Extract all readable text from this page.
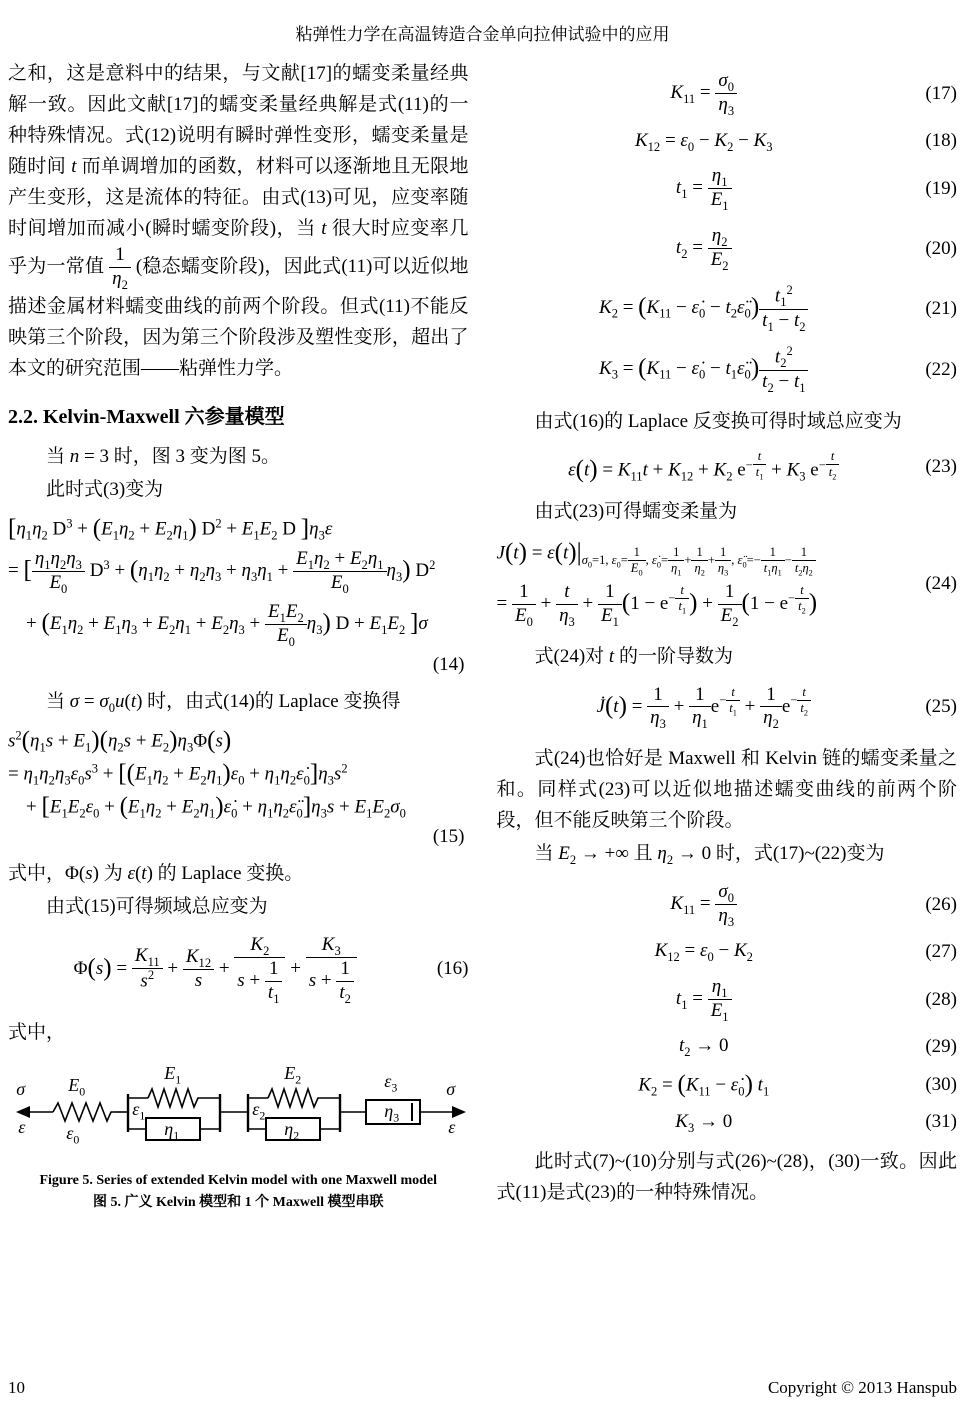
粘弹性力学在高温铸造合金单向拉伸试验中的应用

之和，这是意料中的结果，与文献[17]的蠕变柔量经典解一致。因此文献[17]的蠕变柔量经典解是式(11)的一种特殊情况。式(12)说明有瞬时弹性变形，蠕变柔量是随时间 t 而单调增加的函数，材料可以逐渐地且无限地产生变形，这是流体的特征。由式(13)可见，应变率随时间增加而减小(瞬时蠕变阶段)，当 t 很大时应变率几乎为一常值 $\frac{1}{\eta_2}$ (稳态蠕变阶段)，因此式(11)可以近似地描述金属材料蠕变曲线的前两个阶段。但式(11)不能反映第三个阶段，因为第三个阶段涉及塑性变形，超出了本文的研究范围——粘弹性力学。

2.2. Kelvin-Maxwell 六参量模型

当 n = 3 时，图 3 变为图 5。

此时式(3)变为

[$\eta_1\eta_2$ $D^3 + (E_1\eta_2 + E_2\eta_1) D^2 + E_1E_2$ D ]$\eta_3\varepsilon$
= [ $\frac{\eta_1\eta_2\eta_3}{E_0} D^3 + (\eta_1\eta_2 + \eta_2\eta_3 + \eta_3\eta_1 + \frac{E_1\eta_2 + E_2\eta_1}{E_0} \eta_3)$ $D^2$
+ $(E_1\eta_2 + E_1\eta_3 + E_2\eta_1 + E_2\eta_3 + \frac{E_1E_2}{E_0} \eta_3) D + E_1E_2$ ]σ
(14)

当 $\sigma = \sigma_0u(t)$ 时，由式(14)的 Laplace 变换得

$s^2(\eta_1s + E_1)(\eta_2s + E_2)\eta_3\Phi(s)$
= $\eta_1\eta_2\eta_3\varepsilon_0s^3 + [(E_1\eta_2 + E_2\eta_1)\varepsilon_0$ + $\eta_1\eta_2\varepsiloṅ_0]\eta_3s^2$
+ [$E_1E_2\varepsilon_0 + (E_1\eta_2$ + $E_2\eta_1)\varepsiloṅ_0$ + $\eta_1\eta_2\varepsilon̈_0]\eta_3s + E_1E_2\sigma_0$
(15)

式中，Φ(s) 为 ε(t) 的 Laplace 变换。

由式(15)可得频域总应变为

$\Phi(s) = \frac{K_{11}}{s^2} + \frac{K_{12}}{s} + \frac{K_2}{s + \frac{1}{t_1}} + \frac{K_3}{s + \frac{1}{t_2}}$	(16)

式中，

σ
ε
$E_0$
$\varepsilon_0$
$\varepsilon_1$
$E_1$
$\eta_1$
$\varepsilon_2$
$E_2$
$\eta_2$
$\varepsilon_3$
$\eta_3$
σ
ε
Figure 5. Series of extended Kelvin model with one Maxwell model
图 5. 广义 Kelvin 模型和 1 个 Maxwell 模型串联
$K_{11} = \frac{\sigma_0}{\eta_3}$	(17)
$K_{12} = \varepsilon_0 - K_2 - K_3$	(18)
$t_1 = \frac{\eta_1}{E_1}$	(19)
$t_2 = \frac{\eta_2}{E_2}$	(20)
$K_2 = (K_{11}$ − $\varepsiloṅ_0$ − $t_2\varepsilon̈_0) \frac{t_1^2}{t_1 - t_2}$	(21)
$K_3 = (K_{11}$ − $\varepsiloṅ_0$ − $t_1\varepsilon̈_0) \frac{t_2^2}{t_2 - t_1}$	(22)

由式(16)的 Laplace 反变换可得时域总应变为

$\varepsilon(t) = K_{11}t + K_{12} + K_2$ $e^{- \frac{t}{t_1}} + K_3$ $e^{- \frac{t}{t_2}}$	(23)

由式(23)可得蠕变柔量为

$J(t) = \varepsilon(t)|_{\sigma_0=1, \varepsilon_0= \frac{1}{E_0} , \varepsiloṅ_0= \frac{1}{\eta_1} + \frac{1}{\eta_2} + \frac{1}{\eta_3} , \varepsilon̈_0=- \frac{1}{t_1\eta_1} - \frac{1}{t_2\eta_2}}$
= $\frac{1}{E_0} + \frac{t}{\eta_3} + \frac{1}{E_1} (1 - e^{- \frac{t}{t_1}}$ ) + $\frac{1}{E_2} (1 - e^{- \frac{t}{t_2}}$ )
(24)

式(24)对 t 的一阶导数为

J̇(t) = $\frac{1}{\eta_3} + \frac{1}{\eta_1} e^{- \frac{t}{t_1}} + \frac{1}{\eta_2} e^{- \frac{t}{t_2}}$	(25)

式(24)也恰好是 Maxwell 和 Kelvin 链的蠕变柔量之和。同样式(23)可以近似地描述蠕变曲线的前两个阶段，但不能反映第三个阶段。

当 $E_2$ → +∞ 且 $\eta_2 \to 0$ 时，式(17)~(22)变为

$K_{11} = \frac{\sigma_0}{\eta_3}$	(26)
$K_{12} = \varepsilon_0 - K_2$	(27)
$t_1 = \frac{\eta_1}{E_1}$	(28)
$t_2 \to 0$	(29)
$K_2 = (K_{11}$ − $\varepsiloṅ_0$) $t_1$	(30)
$K_3 \to 0$	(31)

此时式(7)~(10)分别与式(26)~(28)，(30)一致。因此式(11)是式(23)的一种特殊情况。

10	Copyright © 2013 Hanspub
